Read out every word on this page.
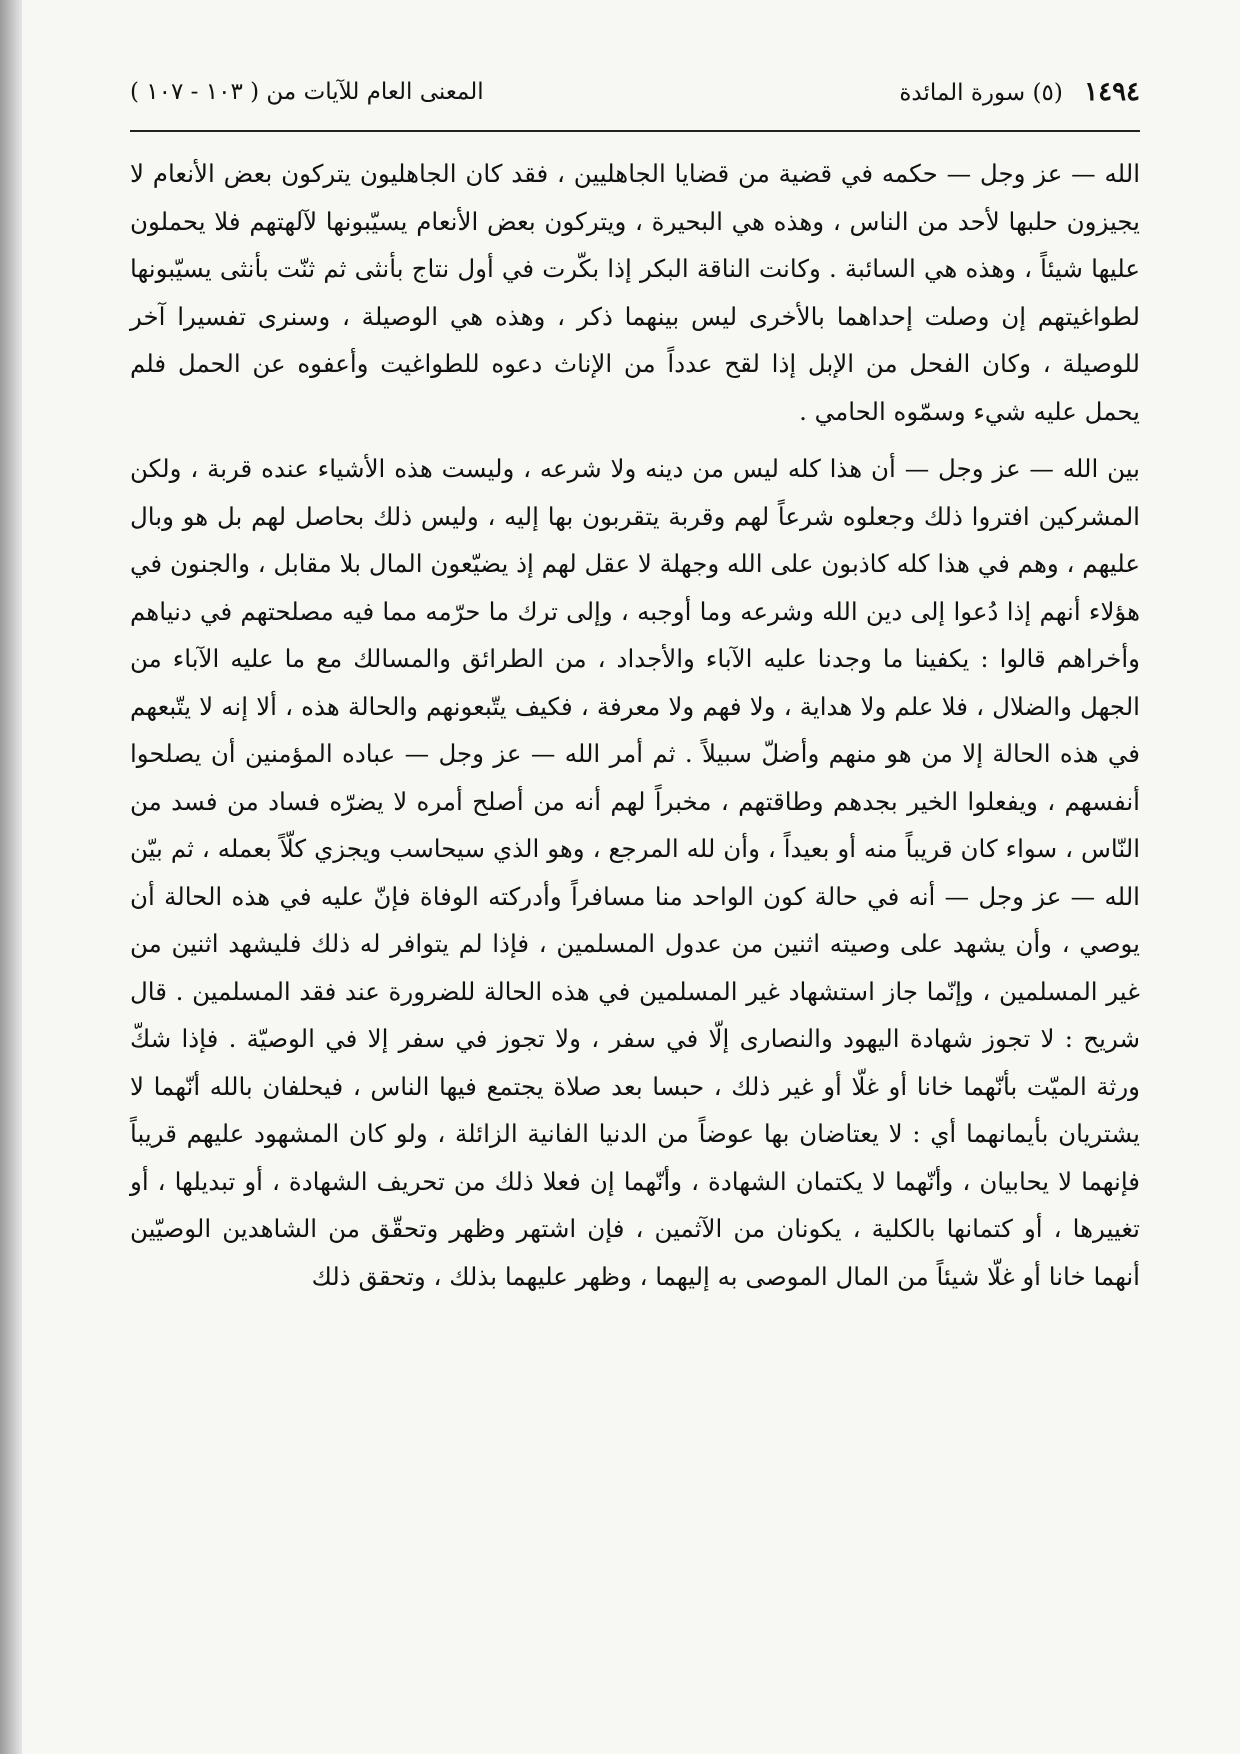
١٤٩٤ (٥) سورة المائدة
المعنى العام للآيات من ( ١٠٣ - ١٠٧ )

الله — عز وجل — حكمه في قضية من قضايا الجاهليين ، فقد كان الجاهليون يتركون بعض الأنعام لا يجيزون حلبها لأحد من الناس ، وهذه هي البحيرة ، ويتركون بعض الأنعام يسيّبونها لآلهتهم فلا يحملون عليها شيئاً ، وهذه هي السائبة . وكانت الناقة البكر إذا بكّرت في أول نتاج بأنثى ثم ثنّت بأنثى يسيّبونها لطواغيتهم إن وصلت إحداهما بالأخرى ليس بينهما ذكر ، وهذه هي الوصيلة ، وسنرى تفسيرا آخر للوصيلة ، وكان الفحل من الإبل إذا لقح عدداً من الإناث دعوه للطواغيت وأعفوه عن الحمل فلم يحمل عليه شيء وسمّوه الحامي .

بين الله — عز وجل — أن هذا كله ليس من دينه ولا شرعه ، وليست هذه الأشياء عنده قربة ، ولكن المشركين افتروا ذلك وجعلوه شرعاً لهم وقربة يتقربون بها إليه ، وليس ذلك بحاصل لهم بل هو وبال عليهم ، وهم في هذا كله كاذبون على الله وجهلة لا عقل لهم إذ يضيّعون المال بلا مقابل ، والجنون في هؤلاء أنهم إذا دُعوا إلى دين الله وشرعه وما أوجبه ، وإلى ترك ما حرّمه مما فيه مصلحتهم في دنياهم وأخراهم قالوا : يكفينا ما وجدنا عليه الآباء والأجداد ، من الطرائق والمسالك مع ما عليه الآباء من الجهل والضلال ، فلا علم ولا هداية ، ولا فهم ولا معرفة ، فكيف يتّبعونهم والحالة هذه ، ألا إنه لا يتّبعهم في هذه الحالة إلا من هو منهم وأضلّ سبيلاً . ثم أمر الله — عز وجل — عباده المؤمنين أن يصلحوا أنفسهم ، ويفعلوا الخير بجدهم وطاقتهم ، مخبراً لهم أنه من أصلح أمره لا يضرّه فساد من فسد من النّاس ، سواء كان قريباً منه أو بعيداً ، وأن لله المرجع ، وهو الذي سيحاسب ويجزي كلّاً بعمله ، ثم بيّن الله — عز وجل — أنه في حالة كون الواحد منا مسافراً وأدركته الوفاة فإنّ عليه في هذه الحالة أن يوصي ، وأن يشهد على وصيته اثنين من عدول المسلمين ، فإذا لم يتوافر له ذلك فليشهد اثنين من غير المسلمين ، وإنّما جاز استشهاد غير المسلمين في هذه الحالة للضرورة عند فقد المسلمين . قال شريح : لا تجوز شهادة اليهود والنصارى إلّا في سفر ، ولا تجوز في سفر إلا في الوصيّة . فإذا شكّ ورثة الميّت بأنّهما خانا أو غلّا أو غير ذلك ، حبسا بعد صلاة يجتمع فيها الناس ، فيحلفان بالله أنّهما لا يشتريان بأيمانهما أي : لا يعتاضان بها عوضاً من الدنيا الفانية الزائلة ، ولو كان المشهود عليهم قريباً فإنهما لا يحابيان ، وأنّهما لا يكتمان الشهادة ، وأنّهما إن فعلا ذلك من تحريف الشهادة ، أو تبديلها ، أو تغييرها ، أو كتمانها بالكلية ، يكونان من الآثمين ، فإن اشتهر وظهر وتحقّق من الشاهدين الوصيّين أنهما خانا أو غلّا شيئاً من المال الموصى به إليهما ، وظهر عليهما بذلك ، وتحقق ذلك
